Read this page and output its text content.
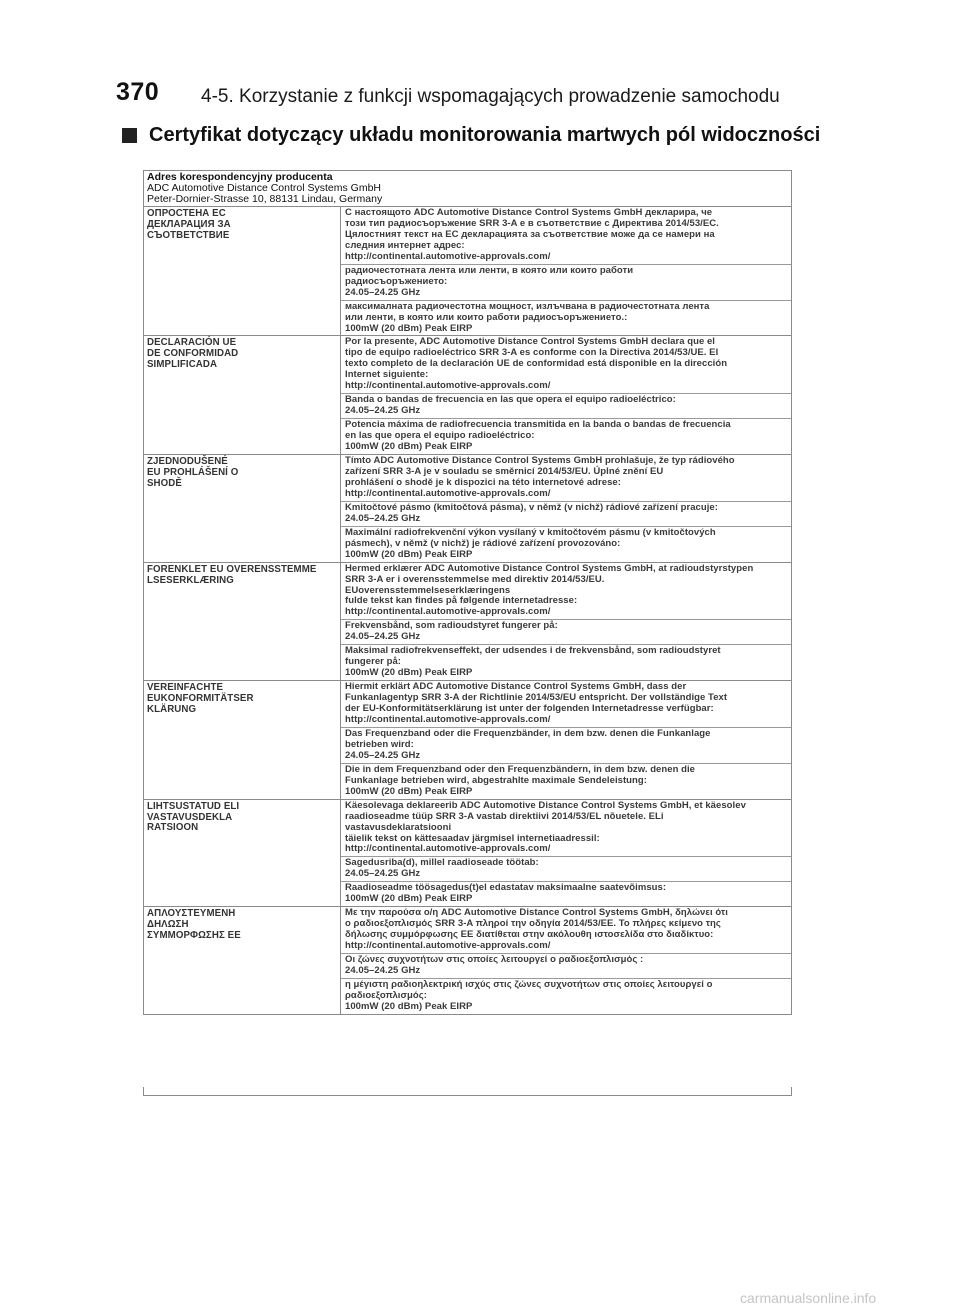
370 4-5. Korzystanie z funkcji wspomagających prowadzenie samochodu
Certyfikat dotyczący układu monitorowania martwych pól widoczności
Adres korespondencyjny producenta
ADC Automotive Distance Control Systems GmbH
Peter-Dornier-Strasse 10, 88131 Lindau, Germany
ОПРОСТЕНА ЕС
ДЕКЛАРАЦИЯ ЗА
СЪОТВЕТСТВИЕ
С настоящото ADC Automotive Distance Control Systems GmbH декларира, че
този тип радиосъоръжение SRR 3-A е в съответствие с Директива 2014/53/ЕС.
Цялостният текст на ЕС декларацията за съответствие може да се намери на
следния интернет адрес:
http://continental.automotive-approvals.com/
радиочестотната лента или ленти, в която или които работи
радиосъоръжението:
24.05–24.25 GHz
максималната радиочестотна мощност, излъчвана в радиочестотната лента
или ленти, в която или които работи радиосъоръжението.:
100mW (20 dBm) Peak EIRP
DECLARACIÓN UE
DE CONFORMIDAD
SIMPLIFICADA
Por la presente, ADC Automotive Distance Control Systems GmbH declara que el
tipo de equipo radioeléctrico SRR 3-A es conforme con la Directiva 2014/53/UE. El
texto completo de la declaración UE de conformidad está disponible en la dirección
Internet siguiente:
http://continental.automotive-approvals.com/
Banda o bandas de frecuencia en las que opera el equipo radioeléctrico:
24.05–24.25 GHz
Potencia máxima de radiofrecuencia transmitida en la banda o bandas de frecuencia
en las que opera el equipo radioeléctrico:
100mW (20 dBm) Peak EIRP
ZJEDNODUŠENÉ
EU PROHLÁŠENÍ O
SHODĚ
Tímto ADC Automotive Distance Control Systems GmbH prohlašuje, že typ rádiového
zařízení SRR 3-A je v souladu se směrnicí 2014/53/EU. Úplné znění EU
prohlášení o shodě je k dispozici na této internetové adrese:
http://continental.automotive-approvals.com/
Kmitočtové pásmo (kmitočtová pásma), v němž (v nichž) rádiové zařízení pracuje:
24.05–24.25 GHz
Maximální radiofrekvenční výkon vysílaný v kmitočtovém pásmu (v kmitočtových
pásmech), v němž (v nichž) je rádiové zařízení provozováno:
100mW (20 dBm) Peak EIRP
FORENKLET EU OVERENSSTEMME
LSESERKLÆRING
Hermed erklærer ADC Automotive Distance Control Systems GmbH, at radioudstyrstypen
SRR 3-A er i overensstemmelse med direktiv 2014/53/EU.
EUoverensstemmelseserklæringens
fulde tekst kan findes på følgende internetadresse:
http://continental.automotive-approvals.com/
Frekvensbånd, som radioudstyret fungerer på:
24.05–24.25 GHz
Maksimal radiofrekvenseffekt, der udsendes i de frekvensbånd, som radioudstyret
fungerer på:
100mW (20 dBm) Peak EIRP
VEREINFACHTE
EUKONFORMITÄTSER
KLÄRUNG
Hiermit erklärt ADC Automotive Distance Control Systems GmbH, dass der
Funkanlagentyp SRR 3-A der Richtlinie 2014/53/EU entspricht. Der vollständige Text
der EU-Konformitätserklärung ist unter der folgenden Internetadresse verfügbar:
http://continental.automotive-approvals.com/
Das Frequenzband oder die Frequenzbänder, in dem bzw. denen die Funkanlage
betrieben wird:
24.05–24.25 GHz
Die in dem Frequenzband oder den Frequenzbändern, in dem bzw. denen die
Funkanlage betrieben wird, abgestrahlte maximale Sendeleistung:
100mW (20 dBm) Peak EIRP
LIHTSUSTATUD ELI
VASTAVUSDEKLA
RATSIOON
Käesolevaga deklareerib ADC Automotive Distance Control Systems GmbH, et käesolev
raadioseadme tüüp SRR 3-A vastab direktiivi 2014/53/EL nõuetele. ELi
vastavusdeklaratsiooni
täielik tekst on kättesaadav järgmisel internetiaadressil:
http://continental.automotive-approvals.com/
Sagedusriba(d), millel raadioseade töötab:
24.05–24.25 GHz
Raadioseadme töösagedus(t)el edastatav maksimaalne saatevõimsus:
100mW (20 dBm) Peak EIRP
ΑΠΛΟΥΣΤΕΥΜΕΝΗ
ΔΗΛΩΣΗ
ΣΥΜΜΟΡΦΩΣΗΣ ΕΕ
Με την παρούσα ο/η ADC Automotive Distance Control Systems GmbH, δηλώνει ότι
ο ραδιοεξοπλισμός SRR 3-A πληροί την οδηγία 2014/53/ΕΕ. Το πλήρες κείμενο της
δήλωσης συμμόρφωσης ΕΕ διατίθεται στην ακόλουθη ιστοσελίδα στο διαδίκτυο:
http://continental.automotive-approvals.com/
Οι ζώνες συχνοτήτων στις οποίες λειτουργεί ο ραδιοεξοπλισμός :
24.05–24.25 GHz
η μέγιστη ραδιοηλεκτρική ισχύς στις ζώνες συχνοτήτων στις οποίες λειτουργεί ο
ραδιοεξοπλισμός:
100mW (20 dBm) Peak EIRP
carmanualsonline.info
